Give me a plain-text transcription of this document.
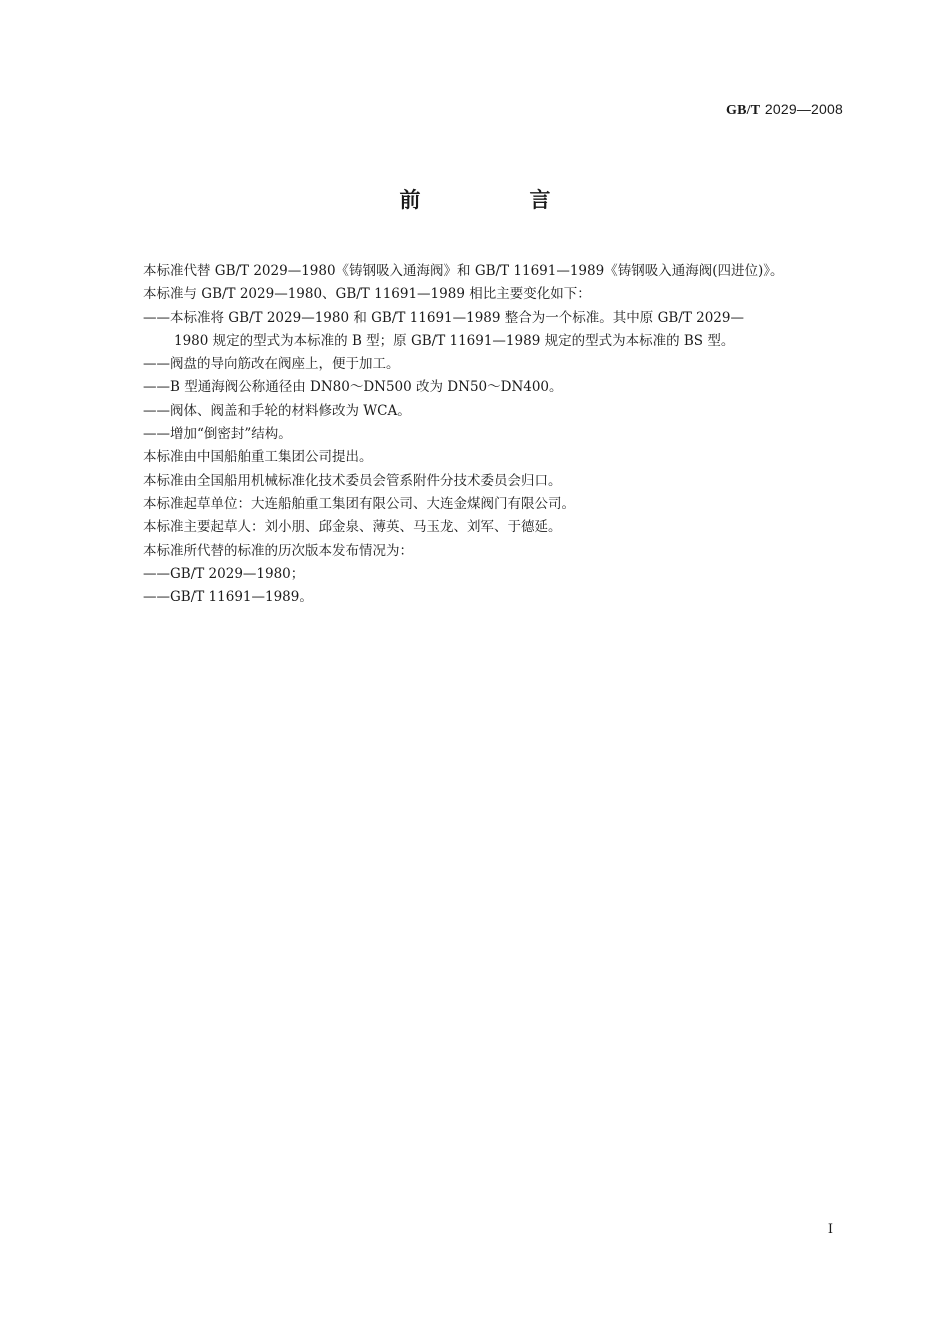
GB/T 2029—2008
前　言
本标准代替 GB/T 2029—1980《铸钢吸入通海阀》和 GB/T 11691—1989《铸钢吸入通海阀(四进位)》。
本标准与 GB/T 2029—1980、GB/T 11691—1989 相比主要变化如下：
——本标准将 GB/T 2029—1980 和 GB/T 11691—1989 整合为一个标准。其中原 GB/T 2029—
1980 规定的型式为本标准的 B 型；原 GB/T 11691—1989 规定的型式为本标准的 BS 型。
——阀盘的导向筋改在阀座上，便于加工。
——B 型通海阀公称通径由 DN80～DN500 改为 DN50～DN400。
——阀体、阀盖和手轮的材料修改为 WCA。
——增加“倒密封”结构。
本标准由中国船舶重工集团公司提出。
本标准由全国船用机械标准化技术委员会管系附件分技术委员会归口。
本标准起草单位：大连船舶重工集团有限公司、大连金煤阀门有限公司。
本标准主要起草人：刘小朋、邱金泉、薄英、马玉龙、刘军、于德延。
本标准所代替的标准的历次版本发布情况为：
——GB/T 2029—1980；
——GB/T 11691—1989。
I
